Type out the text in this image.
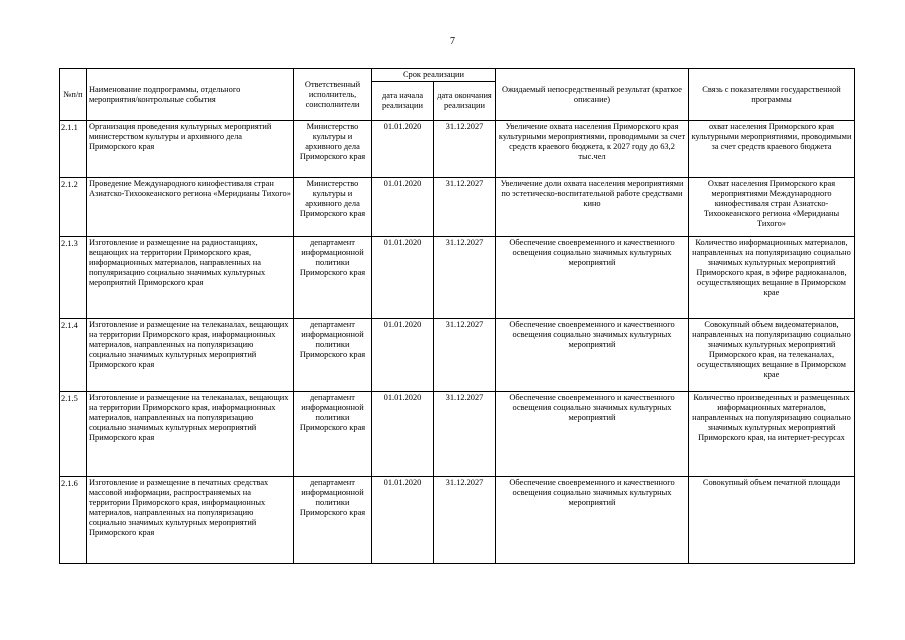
7
№п/п	Наименование подпрограммы, отдельного мероприятия/контрольные события	Ответственный исполнитель, соисполнители	Срок реализации		Ожидаемый непосредственный результат (краткое описание)	Связь с показателями государственной программы
			дата начала реализации	дата окончания реализации		
2.1.1	Организация проведения культурных мероприятий министерством культуры и архивного дела Приморского края	Министерство культуры и архивного дела Приморского края	01.01.2020	31.12.2027	Увеличение охвата населения Приморского края культурными мероприятиями, проводимыми за счет средств краевого бюджета, к 2027 году до 63,2 тыс.чел	охват населения Приморского края культурными мероприятиями, проводимыми за счет средств краевого бюджета
2.1.2	Проведение Международного кинофестиваля стран Азиатско-Тихоокеанского региона «Меридианы Тихого»	Министерство культуры и архивного дела Приморского края	01.01.2020	31.12.2027	Увеличение доли охвата населения мероприятиями по эстетическо-воспитательной работе средствами кино	Охват населения Приморского края мероприятиями Международного кинофестиваля стран Азиатско-Тихоокеанского региона «Меридианы Тихого»
2.1.3	Изготовление и размещение на радиостанциях, вещающих на территории Приморского края, информационных материалов, направленных на популяризацию социально значимых культурных мероприятий Приморского края	департамент информационной политики Приморского края	01.01.2020	31.12.2027	Обеспечение своевременного и качественного освещения социально значимых культурных мероприятий	Количество информационных материалов, направленных на популяризацию социально значимых культурных мероприятий Приморского края, в эфире радиоканалов, осуществляющих вещание в Приморском крае
2.1.4	Изготовление и размещение на телеканалах, вещающих на территории Приморского края, информационных материалов, направленных на популяризацию социально значимых культурных мероприятий Приморского края	департамент информационной политики Приморского края	01.01.2020	31.12.2027	Обеспечение своевременного и качественного освещения социально значимых культурных мероприятий	Совокупный объем видеоматериалов, направленных на популяризацию социально значимых культурных мероприятий Приморского края, на телеканалах, осуществляющих вещание в Приморском крае
2.1.5	Изготовление и размещение на телеканалах, вещающих на территории Приморского края, информационных материалов, направленных на популяризацию социально значимых культурных мероприятий Приморского края	департамент информационной политики Приморского края	01.01.2020	31.12.2027	Обеспечение своевременного и качественного освещения социально значимых культурных мероприятий	Количество произведенных и размещенных информационных материалов, направленных на популяризацию социально значимых культурных мероприятий Приморского края, на интернет-ресурсах
2.1.6	Изготовление и размещение в печатных средствах массовой информации, распространяемых на территории Приморского края, информационных материалов, направленных на популяризацию социально значимых культурных мероприятий Приморского края	департамент информационной политики Приморского края	01.01.2020	31.12.2027	Обеспечение своевременного и качественного освещения социально значимых культурных мероприятий	Совокупный объем печатной площади
